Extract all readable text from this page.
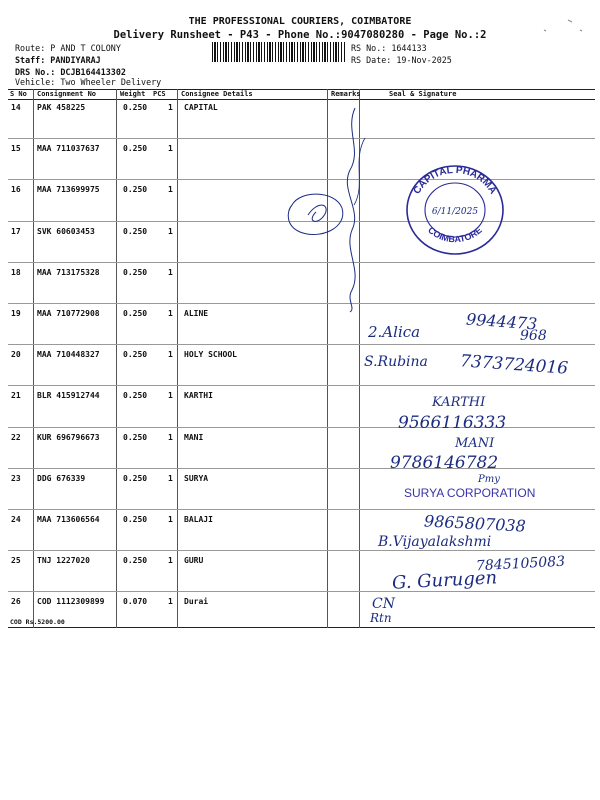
THE PROFESSIONAL COURIERS, COIMBATORE
Delivery Runsheet - P43 - Phone No.:9047080280 - Page No.:2
Route: P AND T COLONY
Staff: PANDIYARAJ
DRS No.: DCJB164413302
Vehicle: Two Wheeler Delivery
RS No.: 1644133
RS Date: 19-Nov-2025
S No Consignment No	Weight PCS Consignee Details	Remarks	Seal & Signature
14 PAK 458225	0.250	1 CAPITAL
15 MAA 711037637	0.250	1
16 MAA 713699975	0.250	1
17 SVK 60603453	0.250	1
18 MAA 713175328	0.250	1
19 MAA 710772908	0.250	1 ALINE
20 MAA 710448327	0.250	1 HOLY SCHOOL
21 BLR 415912744	0.250	1 KARTHI
22 KUR 696796673	0.250	1 MANI
23 DDG 676339	0.250	1 SURYA
24 MAA 713606564	0.250	1 BALAJI
25 TNJ 1227020	0.250	1 GURU
26 COD 1112309899 0.070	1 Durai
COD Rs.5200.00
CAPITAL PHARMA
COIMBATORE
6/11/2025
9944473
2.Alica	968
S.Rubina 7373724016
KARTHI
9566116333
MANI
9786146782
Pmy
SURYA CORPORATION
9865807038
B.Vijayalakshmi
7845105083
G. Gurugen
CN
Rtn
